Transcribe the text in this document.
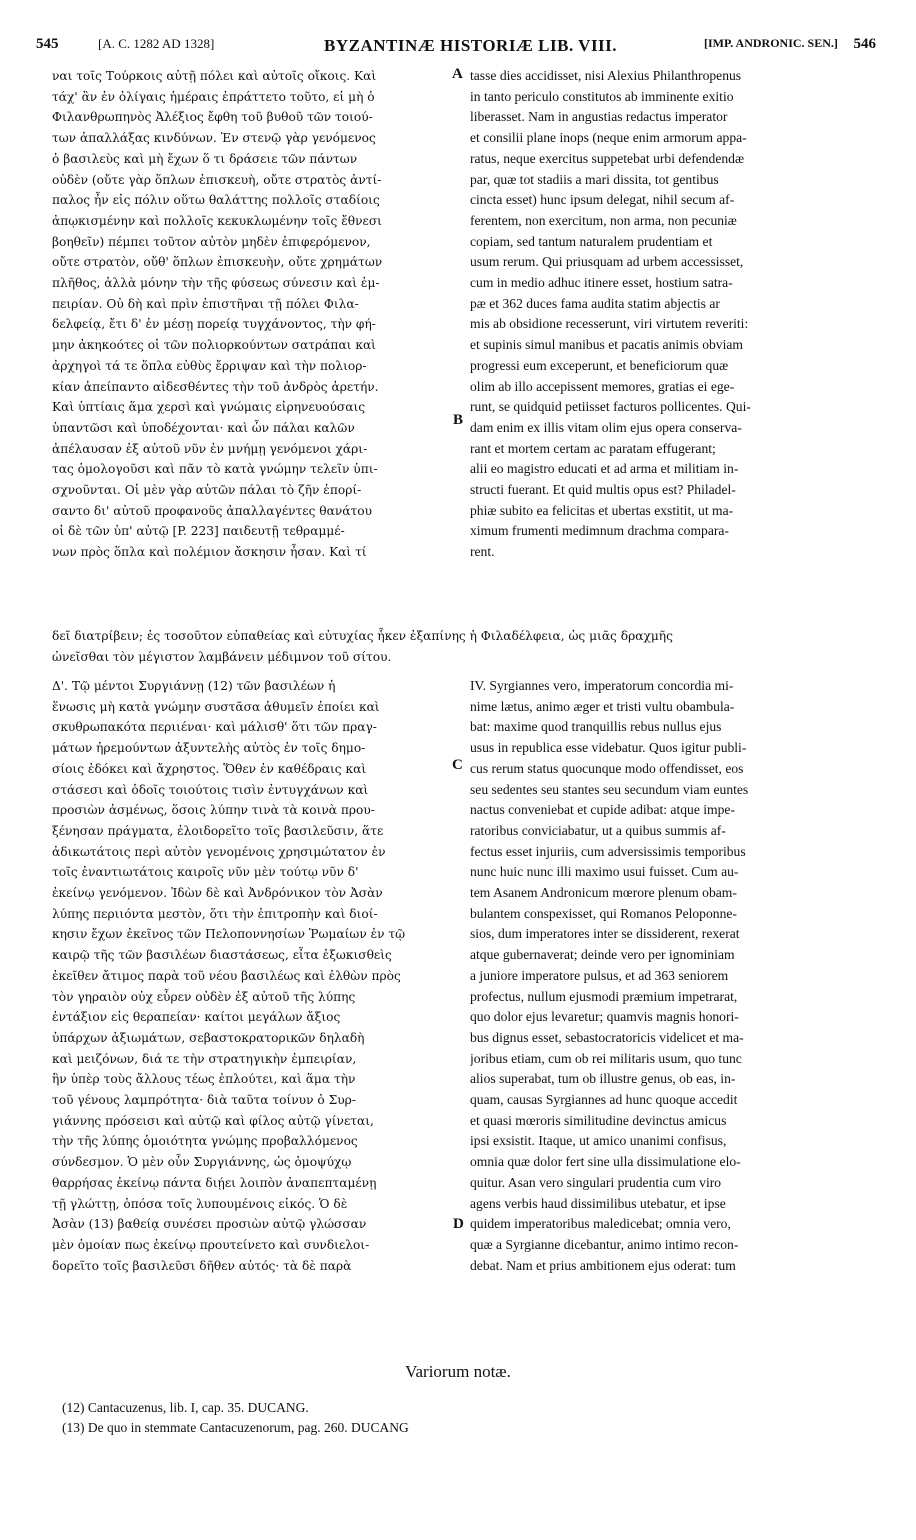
545	[A. C. 1282 AD 1328]	BYZANTINÆ HISTORIÆ LIB. VIII.	[IMP. ANDRONIC. SEN.] 546
A
B
C
D
ναι τοῖς Τούρκοις αὐτῇ πόλει καὶ αὐτοῖς οἴκοις. Καὶ
τάχ' ἂν ἐν ὀλίγαις ἡμέραις ἐπράττετο τοῦτο, εἰ μὴ ὁ
Φιλανθρωπηνὸς Ἀλέξιος ἔφθη τοῦ βυθοῦ τῶν τοιού-
των ἀπαλλάξας κινδύνων. Ἐν στενῷ γὰρ γενόμενος
ὁ βασιλεὺς καὶ μὴ ἔχων ὅ τι δράσειε τῶν πάντων
οὐδὲν (οὔτε γὰρ ὅπλων ἐπισκευὴ, οὔτε στρατὸς ἀντί-
παλος ἦν εἰς πόλιν οὕτω θαλάττης πολλοῖς σταδίοις
ἀπῳκισμένην καὶ πολλοῖς κεκυκλωμένην τοῖς ἔθνεσι
βοηθεῖν) πέμπει τοῦτον αὐτὸν μηδὲν ἐπιφερόμενον,
οὔτε στρατὸν, οὔθ' ὅπλων ἐπισκευὴν, οὔτε χρημάτων
πλῆθος, ἀλλὰ μόνην τὴν τῆς φύσεως σύνεσιν καὶ ἐμ-
πειρίαν. Οὐ δὴ καὶ πρὶν ἐπιστῆναι τῇ πόλει Φιλα-
δελφείᾳ, ἔτι δ' ἐν μέσῃ πορείᾳ τυγχάνοντος, τὴν φή-
μην ἀκηκοότες οἱ τῶν πολιορκούντων σατράπαι καὶ
ἀρχηγοὶ τά τε ὅπλα εὐθὺς ἔρριψαν καὶ τὴν πολιορ-
κίαν ἀπείπαντο αἰδεσθέντες τὴν τοῦ ἀνδρὸς ἀρετήν.
Καὶ ὑπτίαις ἅμα χερσὶ καὶ γνώμαις εἰρηνευούσαις
ὑπαντῶσι καὶ ὑποδέχονται· καὶ ὧν πάλαι καλῶν
ἀπέλαυσαν ἐξ αὐτοῦ νῦν ἐν μνήμῃ γενόμενοι χάρι-
τας ὁμολογοῦσι καὶ πᾶν τὸ κατὰ γνώμην τελεῖν ὑπι-
σχνοῦνται. Οἱ μὲν γὰρ αὐτῶν πάλαι τὸ ζῆν ἐπορί-
σαντο δι' αὐτοῦ προφανοῦς ἀπαλλαγέντες θανάτου
οἱ δὲ τῶν ὑπ' αὐτῷ [P. 223] παιδευτῇ τεθραμμέ-
νων πρὸς ὅπλα καὶ πολέμιον ἄσκησιν ἦσαν. Καὶ τί
tasse dies accidisset, nisi Alexius Philanthropenus
in tanto periculo constitutos ab imminente exitio
liberasset. Nam in angustias redactus imperator
et consilii plane inops (neque enim armorum appa-
ratus, neque exercitus suppetebat urbi defendendæ
par, quæ tot stadiis a mari dissita, tot gentibus
cincta esset) hunc ipsum delegat, nihil secum af-
ferentem, non exercitum, non arma, non pecuniæ
copiam, sed tantum naturalem prudentiam et
usum rerum. Qui priusquam ad urbem accessisset,
cum in medio adhuc itinere esset, hostium satra-
pæ et 362 duces fama audita statim abjectis ar
mis ab obsidione recesserunt, viri virtutem reveriti:
et supinis simul manibus et pacatis animis obviam
progressi eum exceperunt, et beneficiorum quæ
olim ab illo accepissent memores, gratias ei ege-
runt, se quidquid petiisset facturos pollicentes. Qui-
dam enim ex illis vitam olim ejus opera conserva-
rant et mortem certam ac paratam effugerant;
alii eo magistro educati et ad arma et militiam in-
structi fuerant. Et quid multis opus est? Philadel-
phiæ subito ea felicitas et ubertas exstitit, ut ma-
ximum frumenti medimnum drachma compara-
rent.
δεῖ διατρίβειν; ἐς τοσοῦτον εὐπαθείας καὶ εὐτυχίας ἧκεν ἐξαπίνης ἡ Φιλαδέλφεια, ὡς μιᾶς δραχμῆς
ὠνεῖσθαι τὸν μέγιστον λαμβάνειν μέδιμνον τοῦ σίτου.
Δ'. Τῷ μέντοι Συργιάννῃ (12) τῶν βασιλέων ἡ
ἕνωσις μὴ κατὰ γνώμην συστᾶσα ἀθυμεῖν ἐποίει καὶ
σκυθρωπακότα περιιέναι· καὶ μάλισθ' ὅτι τῶν πραγ-
μάτων ἠρεμούντων ἀξυντελὴς αὐτὸς ἐν τοῖς δημο-
σίοις ἐδόκει καὶ ἄχρηστος. Ὅθεν ἐν καθέδραις καὶ
στάσεσι καὶ ὁδοῖς τοιούτοις τισὶν ἐντυγχάνων καὶ
προσιὼν ἀσμένως, ὅσοις λύπην τινὰ τὰ κοινὰ πρου-
ξένησαν πράγματα, ἐλοιδορεῖτο τοῖς βασιλεῦσιν, ἅτε
ἀδικωτάτοις περὶ αὐτὸν γενομένοις χρησιμώτατον ἐν
τοῖς ἐναντιωτάτοις καιροῖς νῦν μὲν τούτῳ νῦν δ'
ἐκείνῳ γενόμενον. Ἰδὼν δὲ καὶ Ἀνδρόνικον τὸν Ἀσὰν
λύπης περιιόντα μεστὸν, ὅτι τὴν ἐπιτροπὴν καὶ διοί-
κησιν ἔχων ἐκεῖνος τῶν Πελοποννησίων Ῥωμαίων ἐν τῷ
καιρῷ τῆς τῶν βασιλέων διαστάσεως, εἶτα ἐξωκισθεὶς
ἐκεῖθεν ἄτιμος παρὰ τοῦ νέου βασιλέως καὶ ἐλθὼν πρὸς
τὸν γηραιὸν οὐχ εὗρεν οὐδὲν ἐξ αὐτοῦ τῆς λύπης
ἐντάξιον εἰς θεραπείαν· καίτοι μεγάλων ἄξιος
ὑπάρχων ἀξιωμάτων, σεβαστοκρατορικῶν δηλαδὴ
καὶ μειζόνων, διά τε τὴν στρατηγικὴν ἐμπειρίαν,
ἣν ὑπὲρ τοὺς ἄλλους τέως ἐπλούτει, καὶ ἅμα τὴν
τοῦ γένους λαμπρότητα· διὰ ταῦτα τοίνυν ὁ Συρ-
γιάννης πρόσεισι καὶ αὐτῷ καὶ φίλος αὐτῷ γίνεται,
τὴν τῆς λύπης ὁμοιότητα γνώμης προβαλλόμενος
σύνδεσμον. Ὁ μὲν οὖν Συργιάννης, ὡς ὁμοψύχῳ
θαρρήσας ἐκείνῳ πάντα διῄει λοιπὸν ἀναπεπταμένῃ
τῇ γλώττῃ, ὁπόσα τοῖς λυπουμένοις εἰκός. Ὁ δὲ
Ἀσὰν (13) βαθείᾳ συνέσει προσιὼν αὐτῷ γλώσσαν
μὲν ὁμοίαν πως ἐκείνῳ προυτείνετο καὶ συνδιελοι-
δορεῖτο τοῖς βασιλεῦσι δῆθεν αὐτός· τὰ δὲ παρὰ
IV. Syrgiannes vero, imperatorum concordia mi-
nime lætus, animo æger et tristi vultu obambula-
bat: maxime quod tranquillis rebus nullus ejus
usus in republica esse videbatur. Quos igitur publi-
cus rerum status quocunque modo offendisset, eos
seu sedentes seu stantes seu secundum viam euntes
nactus conveniebat et cupide adibat: atque impe-
ratoribus conviciabatur, ut a quibus summis af-
fectus esset injuriis, cum adversissimis temporibus
nunc huic nunc illi maximo usui fuisset. Cum au-
tem Asanem Andronicum mœrore plenum obam-
bulantem conspexisset, qui Romanos Peloponne-
sios, dum imperatores inter se dissiderent, rexerat
atque gubernaverat; deinde vero per ignominiam
a juniore imperatore pulsus, et ad 363 seniorem
profectus, nullum ejusmodi præmium impetrarat,
quo dolor ejus levaretur; quamvis magnis honori-
bus dignus esset, sebastocratoricis videlicet et ma-
joribus etiam, cum ob rei militaris usum, quo tunc
alios superabat, tum ob illustre genus, ob eas, in-
quam, causas Syrgiannes ad hunc quoque accedit
et quasi mœroris similitudine devinctus amicus
ipsi exsistit. Itaque, ut amico unanimi confisus,
omnia quæ dolor fert sine ulla dissimulatione elo-
quitur. Asan vero singulari prudentia cum viro
agens verbis haud dissimilibus utebatur, et ipse
quidem imperatoribus maledicebat; omnia vero,
quæ a Syrgianne dicebantur, animo intimo recon-
debat. Nam et prius ambitionem ejus oderat: tum
Variorum notæ.
(12) Cantacuzenus, lib. I, cap. 35. DUCANG.
(13) De quo in stemmate Cantacuzenorum, pag. 260. DUCANG
